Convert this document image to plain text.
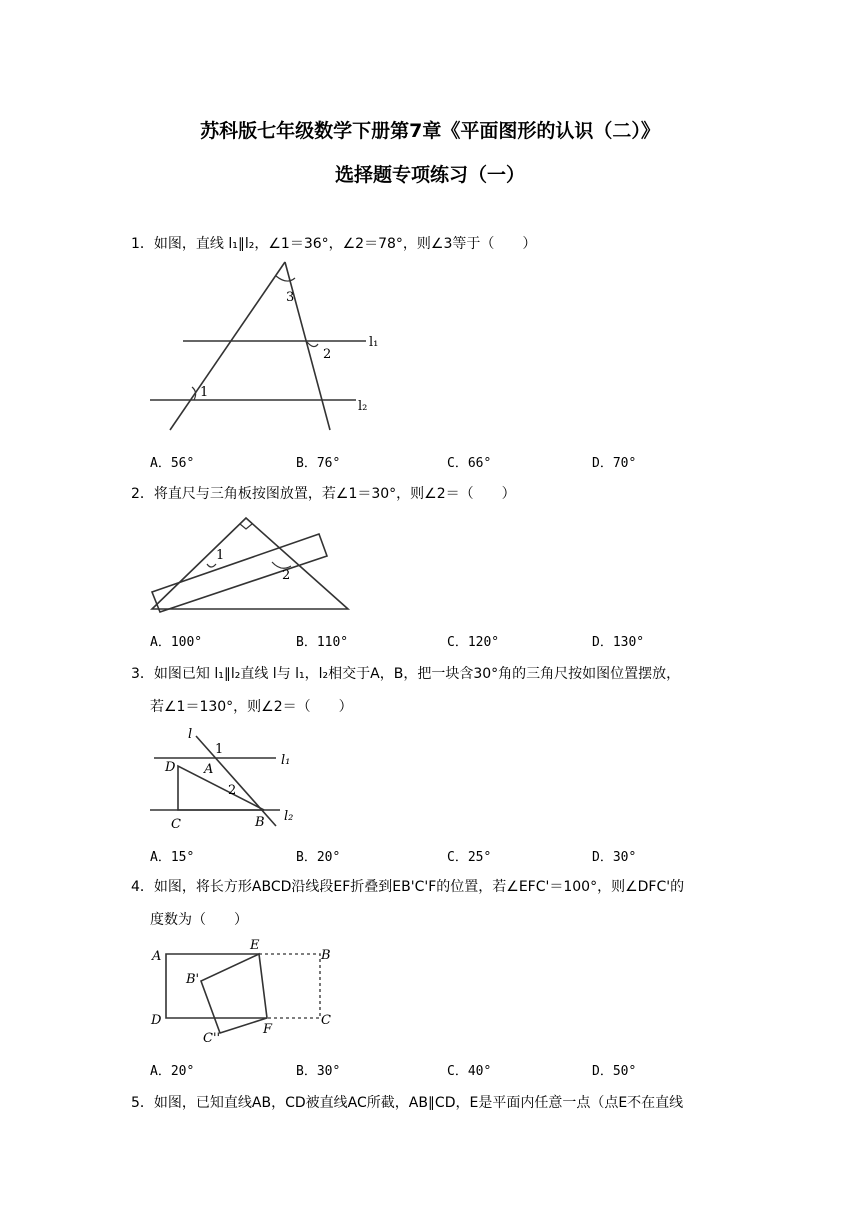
苏科版七年级数学下册第7章《平面图形的认识（二）》
选择题专项练习（一）
1．如图，直线 l₁∥l₂，∠1＝36°，∠2＝78°，则∠3等于（　　）
3
2
1
l₁
l₂
A．56°	B．76°	C．66°	D．70°
2．将直尺与三角板按图放置，若∠1＝30°，则∠2＝（　　）
1
2
A．100°	B．110°	C．120°	D．130°
3．如图已知 l₁∥l₂直线 l与 l₁，l₂相交于A，B，把一块含30°角的三角尺按如图位置摆放，
若∠1＝130°，则∠2＝（　　）
l
1
A
D
2
C	B
l₁
l₂
A．15°	B．20°	C．25°	D．30°
4．如图，将长方形ABCD沿线段EF折叠到EB'C'F的位置，若∠EFC'＝100°，则∠DFC'的
度数为（　　）
A
E
B
B'
D	C
F
C''
A．20°	B．30°	C．40°	D．50°
5．如图，已知直线AB，CD被直线AC所截，AB∥CD，E是平面内任意一点（点E不在直线
